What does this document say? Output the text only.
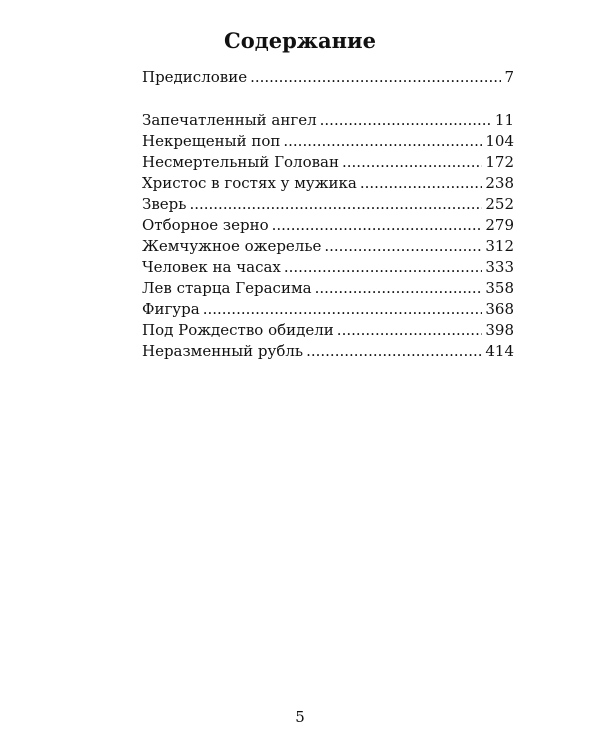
Содержание
Предисловие .....	7
Запечатленный ангел .....	11
Некрещеный поп .....	104
Несмертельный Голован .....	172
Христос в гостях у мужика .....	238
Зверь .....	252
Отборное зерно .....	279
Жемчужное ожерелье .....	312
Человек на часах .....	333
Лев старца Герасима .....	358
Фигура .....	368
Под Рождество обидели .....	398
Неразменный рубль .....	414
5
